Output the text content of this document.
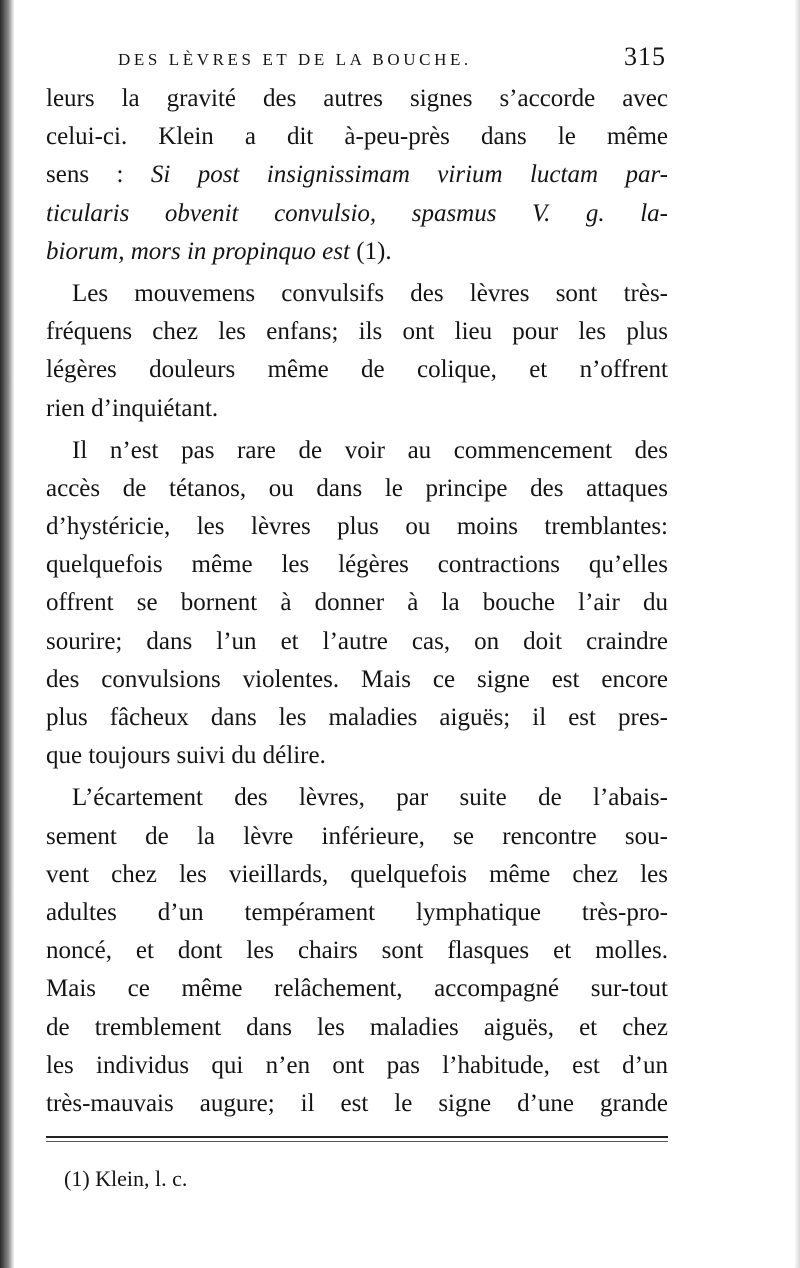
DES LÈVRES ET DE LA BOUCHE.	315
leurs la gravité des autres signes s’accorde avec
celui-ci. Klein a dit à-peu-près dans le même
sens : Si post insignissimam virium luctam par-
ticularis obvenit convulsio, spasmus V. g. la-
biorum, mors in propinquo est (1).
Les mouvemens convulsifs des lèvres sont très-
fréquens chez les enfans; ils ont lieu pour les plus
légères douleurs même de colique, et n’offrent
rien d’inquiétant.
Il n’est pas rare de voir au commencement des
accès de tétanos, ou dans le principe des attaques
d’hystéricie, les lèvres plus ou moins tremblantes:
quelquefois même les légères contractions qu’elles
offrent se bornent à donner à la bouche l’air du
sourire; dans l’un et l’autre cas, on doit craindre
des convulsions violentes. Mais ce signe est encore
plus fâcheux dans les maladies aiguës; il est pres-
que toujours suivi du délire.
L’écartement des lèvres, par suite de l’abais-
sement de la lèvre inférieure, se rencontre sou-
vent chez les vieillards, quelquefois même chez les
adultes d’un tempérament lymphatique très-pro-
noncé, et dont les chairs sont flasques et molles.
Mais ce même relâchement, accompagné sur-tout
de tremblement dans les maladies aiguës, et chez
les individus qui n’en ont pas l’habitude, est d’un
très-mauvais augure; il est le signe d’une grande
(1) Klein, l. c.
